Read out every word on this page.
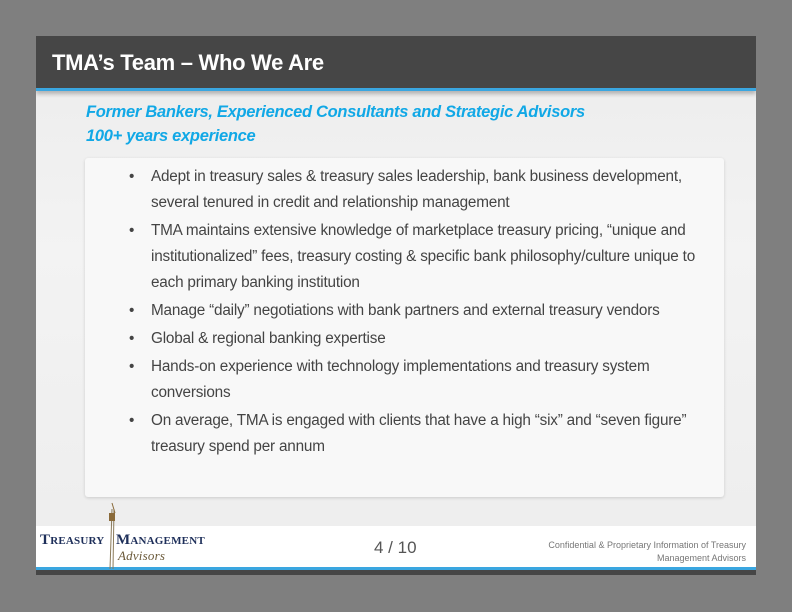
TMA’s Team – Who We Are
Former Bankers, Experienced Consultants and Strategic Advisors
100+ years experience
• Adept in treasury sales & treasury sales leadership, bank business development, several tenured in credit and relationship management
• TMA maintains extensive knowledge of marketplace treasury pricing, “unique and institutionalized” fees, treasury costing & specific bank philosophy/culture unique to each primary banking institution
• Manage “daily” negotiations with bank partners and external treasury vendors
• Global & regional banking expertise
• Hands-on experience with technology implementations and treasury system conversions
• On average, TMA is engaged with clients that have a high “six” and “seven figure” treasury spend per annum
Treasury Management
Advisors	4 / 10	Confidential & Proprietary Information of Treasury Management Advisors
